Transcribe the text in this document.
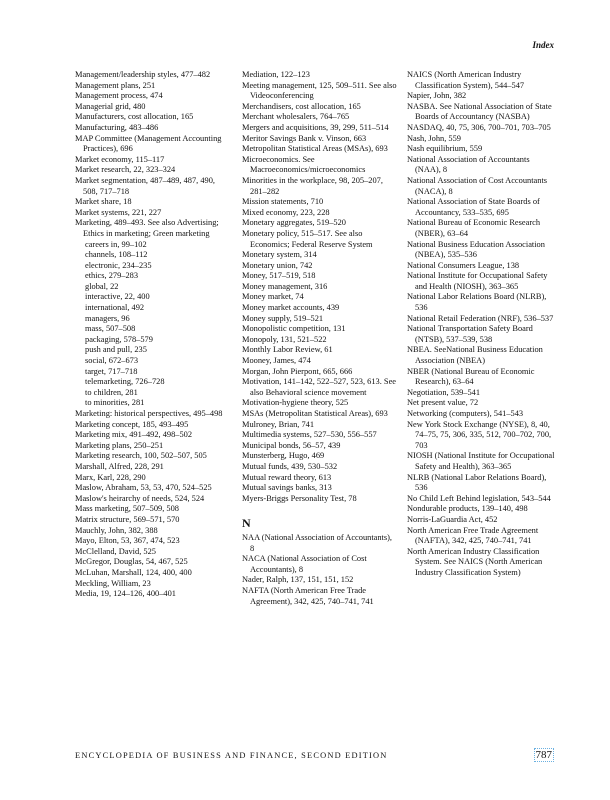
Index

Management/leadership styles, 477–482

Management plans, 251

Management process, 474

Managerial grid, 480

Manufacturers, cost allocation, 165

Manufacturing, 483–486

MAP Committee (Management Accounting Practices), 696

Market economy, 115–117

Market research, 22, 323–324

Market segmentation, 487–489, 487, 490, 508, 717–718

Market share, 18

Market systems, 221, 227

Marketing, 489–493. See also Advertising; Ethics in marketing; Green marketing

careers in, 99–102

channels, 108–112

electronic, 234–235

ethics, 279–283

global, 22

interactive, 22, 400

international, 492

managers, 96

mass, 507–508

packaging, 578–579

push and pull, 235

social, 672–673

target, 717–718

telemarketing, 726–728

to children, 281

to minorities, 281

Marketing: historical perspectives, 495–498

Marketing concept, 185, 493–495

Marketing mix, 491–492, 498–502

Marketing plans, 250–251

Marketing research, 100, 502–507, 505

Marshall, Alfred, 228, 291

Marx, Karl, 228, 290

Maslow, Abraham, 53, 53, 470, 524–525

Maslow's heirarchy of needs, 524, 524

Mass marketing, 507–509, 508

Matrix structure, 569–571, 570

Mauchly, John, 382, 388

Mayo, Elton, 53, 367, 474, 523

McClelland, David, 525

McGregor, Douglas, 54, 467, 525

McLuhan, Marshall, 124, 400, 400

Meckling, William, 23

Media, 19, 124–126, 400–401

Mediation, 122–123

Meeting management, 125, 509–511. See also Videoconferencing

Merchandisers, cost allocation, 165

Merchant wholesalers, 764–765

Mergers and acquisitions, 39, 299, 511–514

Meritor Savings Bank v. Vinson, 663

Metropolitan Statistical Areas (MSAs), 693

Microeconomics. See Macroeconomics/microeconomics

Minorities in the workplace, 98, 205–207, 281–282

Mission statements, 710

Mixed economy, 223, 228

Monetary aggregates, 519–520

Monetary policy, 515–517. See also Economics; Federal Reserve System

Monetary system, 314

Monetary union, 742

Money, 517–519, 518

Money management, 316

Money market, 74

Money market accounts, 439

Money supply, 519–521

Monopolistic competition, 131

Monopoly, 131, 521–522

Monthly Labor Review, 61

Mooney, James, 474

Morgan, John Pierpont, 665, 666

Motivation, 141–142, 522–527, 523, 613. See also Behavioral science movement

Motivation-hygiene theory, 525

MSAs (Metropolitan Statistical Areas), 693

Mulroney, Brian, 741

Multimedia systems, 527–530, 556–557

Municipal bonds, 56–57, 439

Munsterberg, Hugo, 469

Mutual funds, 439, 530–532

Mutual reward theory, 613

Mutual savings banks, 313

Myers-Briggs Personality Test, 78

N

NAA (National Association of Accountants), 8

NACA (National Association of Cost Accountants), 8

Nader, Ralph, 137, 151, 151, 152

NAFTA (North American Free Trade Agreement), 342, 425, 740–741, 741

NAICS (North American Industry Classification System), 544–547

Napier, John, 382

NASBA. See National Association of State Boards of Accountancy (NASBA)

NASDAQ, 40, 75, 306, 700–701, 703–705

Nash, John, 559

Nash equilibrium, 559

National Association of Accountants (NAA), 8

National Association of Cost Accountants (NACA), 8

National Association of State Boards of Accountancy, 533–535, 695

National Bureau of Economic Research (NBER), 63–64

National Business Education Association (NBEA), 535–536

National Consumers League, 138

National Institute for Occupational Safety and Health (NIOSH), 363–365

National Labor Relations Board (NLRB), 536

National Retail Federation (NRF), 536–537

National Transportation Safety Board (NTSB), 537–539, 538

NBEA. SeeNational Business Education Association (NBEA)

NBER (National Bureau of Economic Research), 63–64

Negotiation, 539–541

Net present value, 72

Networking (computers), 541–543

New York Stock Exchange (NYSE), 8, 40, 74–75, 75, 306, 335, 512, 700–702, 700, 703

NIOSH (National Institute for Occupational Safety and Health), 363–365

NLRB (National Labor Relations Board), 536

No Child Left Behind legislation, 543–544

Nondurable products, 139–140, 498

Norris-LaGuardia Act, 452

North American Free Trade Agreement (NAFTA), 342, 425, 740–741, 741

North American Industry Classification System. See NAICS (North American Industry Classification System)

ENCYCLOPEDIA OF BUSINESS AND FINANCE, SECOND EDITION	787
